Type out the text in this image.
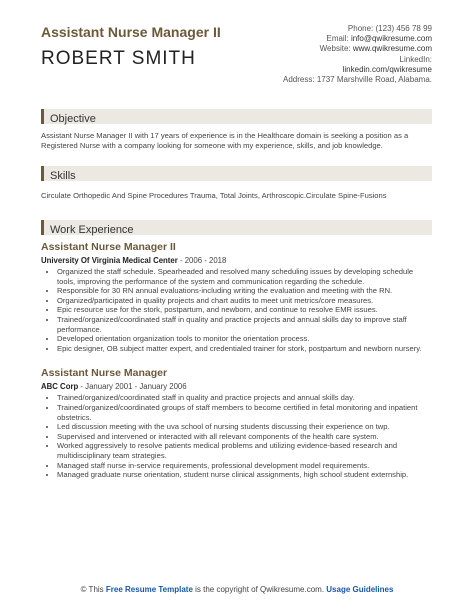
Assistant Nurse Manager II
ROBERT SMITH
Phone: (123) 456 78 99
Email: info@qwikresume.com
Website: www.qwikresume.com
LinkedIn:
linkedin.com/qwikresume
Address: 1737 Marshville Road, Alabama.
Objective
Assistant Nurse Manager II with 17 years of experience is in the Healthcare domain is seeking a position as a Registered Nurse with a company looking for someone with my experience, skills, and job knowledge.
Skills
Circulate Orthopedic And Spine Procedures Trauma, Total Joints, Arthroscopic.Circulate Spine-Fusions
Work Experience
Assistant Nurse Manager II
University Of Virginia Medical Center - 2006 - 2018
• Organized the staff schedule. Spearheaded and resolved many scheduling issues by developing schedule tools, improving the performance of the system and communication regarding the schedule.
• Responsible for 30 RN annual evaluations-including writing the evaluation and meeting with the RN.
• Organized/participated in quality projects and chart audits to meet unit metrics/core measures.
• Epic resource use for the stork, postpartum, and newborn, and continue to resolve EMR issues.
• Trained/organized/coordinated staff in quality and practice projects and annual skills day to improve staff performance.
• Developed orientation organization tools to monitor the orientation process.
• Epic designer, OB subject matter expert, and credentialed trainer for stork, postpartum and newborn nursery.
Assistant Nurse Manager
ABC Corp - January 2001 - January 2006
• Trained/organized/coordinated staff in quality and practice projects and annual skills day.
• Trained/organized/coordinated groups of staff members to become certified in fetal monitoring and inpatient obstetrics.
• Led discussion meeting with the uva school of nursing students discussing their experience on twp.
• Supervised and intervened or interacted with all relevant components of the health care system.
• Worked aggressively to resolve patients medical problems and utilizing evidence-based research and multidisciplinary team strategies.
• Managed staff nurse in-service requirements, professional development model requirements.
• Managed graduate nurse orientation, student nurse clinical assignments, high school student externship.
© This Free Resume Template is the copyright of Qwikresume.com. Usage Guidelines
